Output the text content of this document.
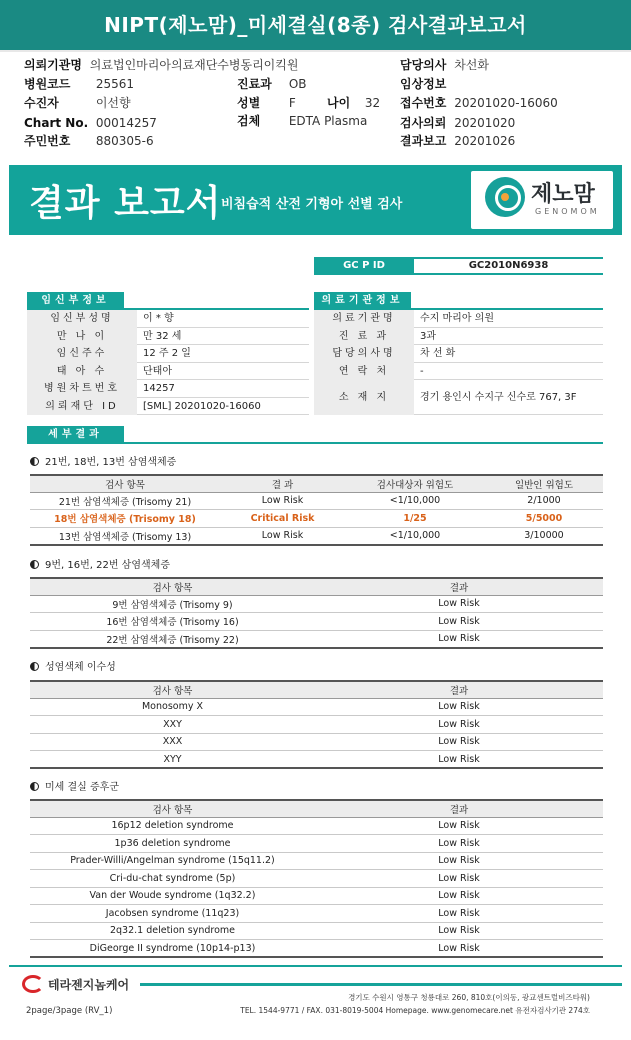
NIPT(제노맘)_미세결실(8종) 검사결과보고서
의뢰기관명 의료법인마리아의료재단수병동리이킥원
병원코드 25561
수진자	이선향
Chart No. 00014257
주민번호 880305-6
진료과 OB
성별 F	나이 32
검체 EDTA Plasma
담당의사 차선화
임상정보
접수번호 20201020-16060
검사의뢰 20201020
결과보고 20201026
결과 보고서 비침습적 산전 기형아 선별 검사	제노맘
GENOMOM
GC P ID	GC2010N6938
임신부정보
임신부성명	이 * 향
만 나 이	만 32 세
임신주수	12 주 2 일
태 아 수	단태아
병원차트번호	14257
의뢰재단 ID	[SML] 20201020-16060
의료기관정보
의료기관명	수지 마리아 의원
진 료 과	3과
담당의사명	차 선 화
연 락 처	-
소 재 지	경기 용인시 수지구 신수로 767, 3F
세부결과
21번, 18번, 13번 삼염색체증
검사 항목	결 과	검사대상자 위험도	일반인 위험도
21번 삼염색체증 (Trisomy 21)	Low Risk	<1/10,000	2/1000
18번 삼염색체증 (Trisomy 18)	Critical Risk	1/25	5/5000
13번 삼염색체증 (Trisomy 13)	Low Risk	<1/10,000	3/10000
9번, 16번, 22번 삼염색체증
검사 항목	결과
9번 삼염색체증 (Trisomy 9)	Low Risk
16번 삼염색체증 (Trisomy 16)	Low Risk
22번 삼염색체증 (Trisomy 22)	Low Risk
성염색체 이수성
검사 항목	결과
Monosomy X	Low Risk
XXY	Low Risk
XXX	Low Risk
XYY	Low Risk
미세 결실 증후군
검사 항목	결과
16p12 deletion syndrome	Low Risk
1p36 deletion syndrome	Low Risk
Prader-Willi/Angelman syndrome (15q11.2)	Low Risk
Cri-du-chat syndrome (5p)	Low Risk
Van der Woude syndrome (1q32.2)	Low Risk
Jacobsen syndrome (11q23)	Low Risk
2q32.1 deletion syndrome	Low Risk
DiGeorge II syndrome (10p14-p13)	Low Risk
테라젠지놈케어
경기도 수원시 영통구 청룡대로 260, 810호(이의동, 광교센트럴비즈타워)
TEL. 1544-9771 / FAX. 031-8019-5004 Homepage. www.genomecare.net 유전자검사기관 274호
2page/3page (RV_1)
